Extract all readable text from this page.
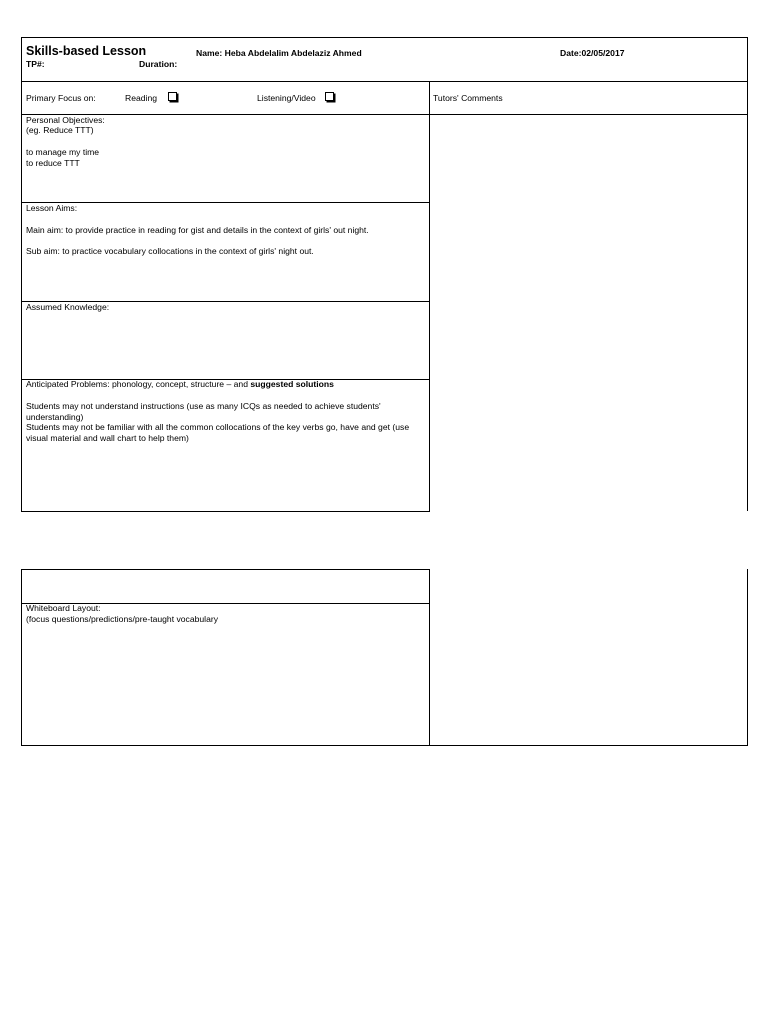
Skills-based Lesson
TP#:	Duration:
Name: Heba Abdelalim Abdelaziz Ahmed	Date:02/05/2017
Primary Focus on:	Reading	Listening/Video	Tutors' Comments
Personal Objectives:
(eg. Reduce TTT)
to manage my time
to reduce TTT
Lesson Aims:
Main aim: to provide practice in reading for gist and details in the context of girls' out night.
Sub aim: to practice vocabulary collocations in the context of girls' night out.
Assumed Knowledge:
Anticipated Problems: phonology, concept, structure – and suggested solutions
Students may not understand instructions (use as many ICQs as needed to achieve students' understanding)
Students may not be familiar with all the common collocations of the key verbs go, have and get (use visual material and wall chart to help them)
Whiteboard Layout:
(focus questions/predictions/pre-taught vocabulary
